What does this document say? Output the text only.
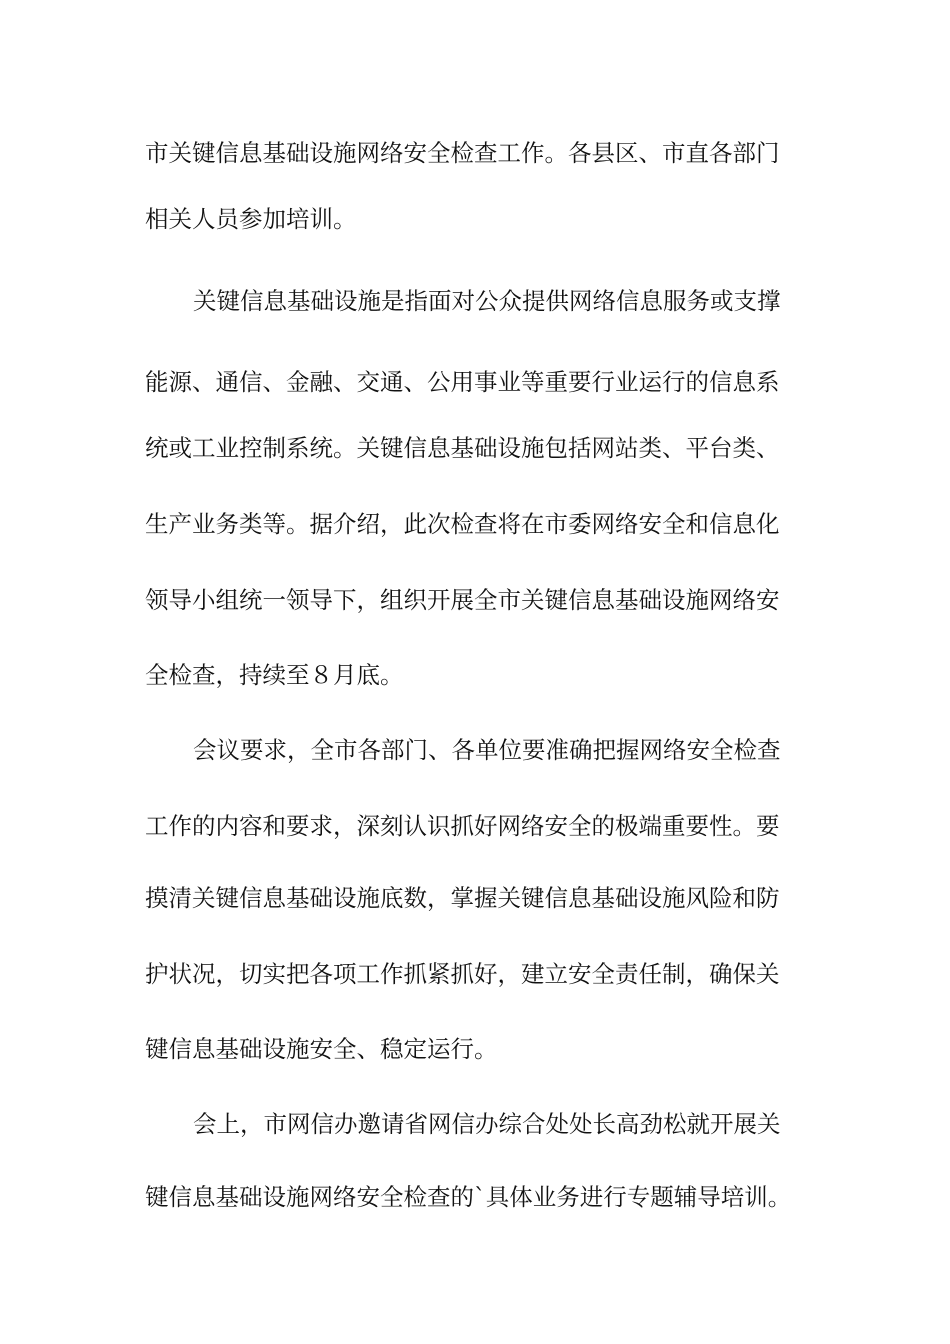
市关键信息基础设施网络安全检查工作。各县区、市直各部门
相关人员参加培训。
关键信息基础设施是指面对公众提供网络信息服务或支撑
能源、通信、金融、交通、公用事业等重要行业运行的信息系
统或工业控制系统。关键信息基础设施包括网站类、平台类、
生产业务类等。据介绍，此次检查将在市委网络安全和信息化
领导小组统一领导下，组织开展全市关键信息基础设施网络安
全检查，持续至８月底。
会议要求，全市各部门、各单位要准确把握网络安全检查
工作的内容和要求，深刻认识抓好网络安全的极端重要性。要
摸清关键信息基础设施底数，掌握关键信息基础设施风险和防
护状况，切实把各项工作抓紧抓好，建立安全责任制，确保关
键信息基础设施安全、稳定运行。
会上，市网信办邀请省网信办综合处处长高劲松就开展关
键信息基础设施网络安全检查的`具体业务进行专题辅导培训。
